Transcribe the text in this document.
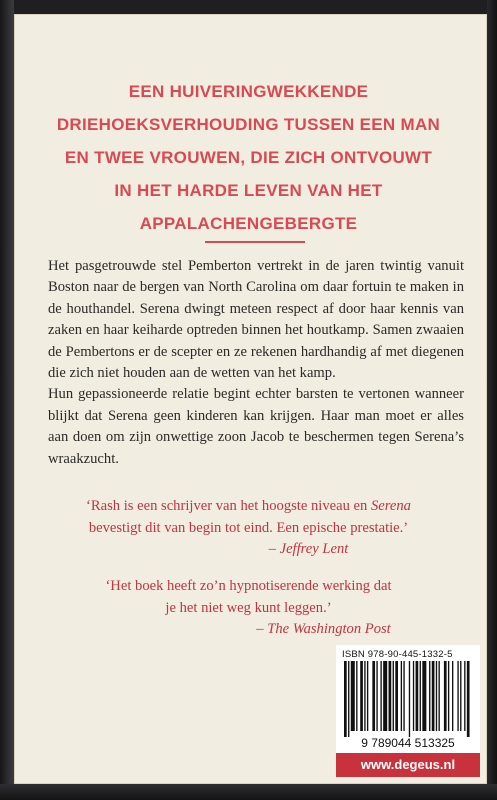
EEN HUIVERINGWEKKENDE
DRIEHOEKSVERHOUDING TUSSEN EEN MAN
EN TWEE VROUWEN, DIE ZICH ONTVOUWT
IN HET HARDE LEVEN VAN HET
APPALACHENGEBERGTE

Het pasgetrouwde stel Pemberton vertrekt in de jaren twintig vanuit Boston naar de bergen van North Carolina om daar fortuin te maken in de houthandel. Serena dwingt meteen respect af door haar kennis van zaken en haar keiharde optreden binnen het houtkamp. Samen zwaaien de Pembertons er de scepter en ze rekenen hardhandig af met diegenen die zich niet houden aan de wetten van het kamp.

Hun gepassioneerde relatie begint echter barsten te vertonen wanneer blijkt dat Serena geen kinderen kan krijgen. Haar man moet er alles aan doen om zijn onwettige zoon Jacob te beschermen tegen Serena’s wraakzucht.

‘Rash is een schrijver van het hoogste niveau en Serena
bevestigt dit van begin tot eind. Een epische prestatie.’
– Jeffrey Lent
‘Het boek heeft zo’n hypnotiserende werking dat
je het niet weg kunt leggen.’
– The Washington Post
ISBN 978-90-445-1332-5
9 789044 513325
www.degeus.nl
